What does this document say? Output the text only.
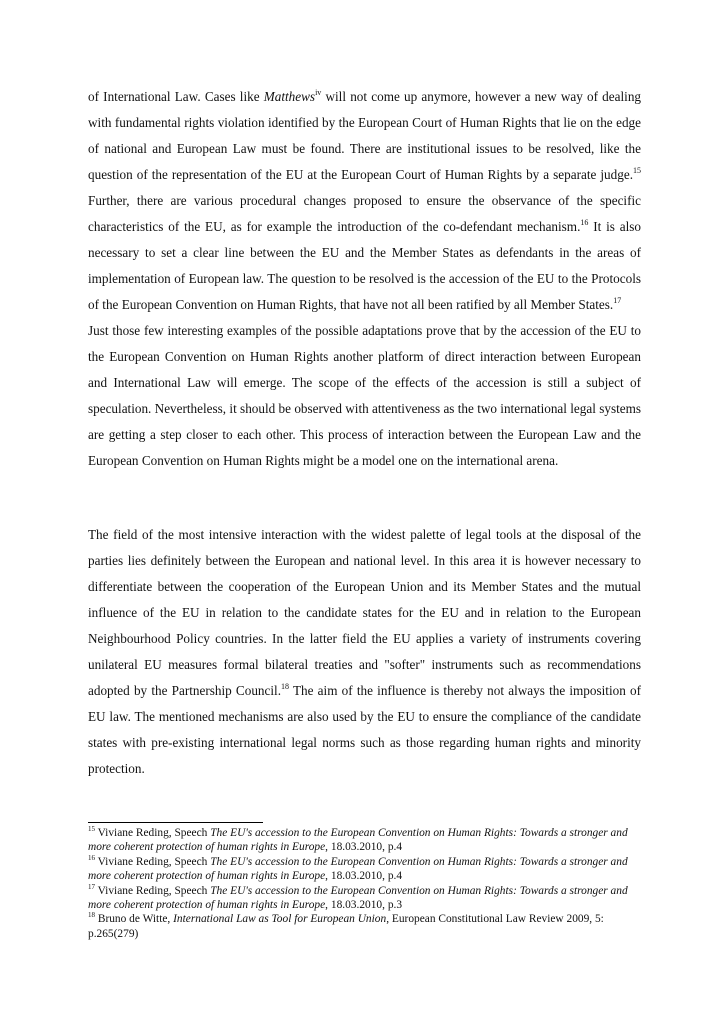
of International Law. Cases like Matthews$^{iv}$ will not come up anymore, however a new way of dealing with fundamental rights violation identified by the European Court of Human Rights that lie on the edge of national and European Law must be found. There are institutional issues to be resolved, like the question of the representation of the EU at the European Court of Human Rights by a separate judge.$^{15}$ Further, there are various procedural changes proposed to ensure the observance of the specific characteristics of the EU, as for example the introduction of the co-defendant mechanism.$^{16}$ It is also necessary to set a clear line between the EU and the Member States as defendants in the areas of implementation of European law. The question to be resolved is the accession of the EU to the Protocols of the European Convention on Human Rights, that have not all been ratified by all Member States.$^{17}$

Just those few interesting examples of the possible adaptations prove that by the accession of the EU to the European Convention on Human Rights another platform of direct interaction between European and International Law will emerge. The scope of the effects of the accession is still a subject of speculation. Nevertheless, it should be observed with attentiveness as the two international legal systems are getting a step closer to each other. This process of interaction between the European Law and the European Convention on Human Rights might be a model one on the international arena.

The field of the most intensive interaction with the widest palette of legal tools at the disposal of the parties lies definitely between the European and national level. In this area it is however necessary to differentiate between the cooperation of the European Union and its Member States and the mutual influence of the EU in relation to the candidate states for the EU and in relation to the European Neighbourhood Policy countries. In the latter field the EU applies a variety of instruments covering unilateral EU measures formal bilateral treaties and "softer" instruments such as recommendations adopted by the Partnership Council.$^{18}$ The aim of the influence is thereby not always the imposition of EU law. The mentioned mechanisms are also used by the EU to ensure the compliance of the candidate states with pre-existing international legal norms such as those regarding human rights and minority protection.

$^{15}$ Viviane Reding, Speech The EU's accession to the European Convention on Human Rights: Towards a stronger and more coherent protection of human rights in Europe, 18.03.2010, p.4

$^{16}$ Viviane Reding, Speech The EU's accession to the European Convention on Human Rights: Towards a stronger and more coherent protection of human rights in Europe, 18.03.2010, p.4

$^{17}$ Viviane Reding, Speech The EU's accession to the European Convention on Human Rights: Towards a stronger and more coherent protection of human rights in Europe, 18.03.2010, p.3

$^{18}$ Bruno de Witte, International Law as Tool for European Union, European Constitutional Law Review 2009, 5: p.265(279)
